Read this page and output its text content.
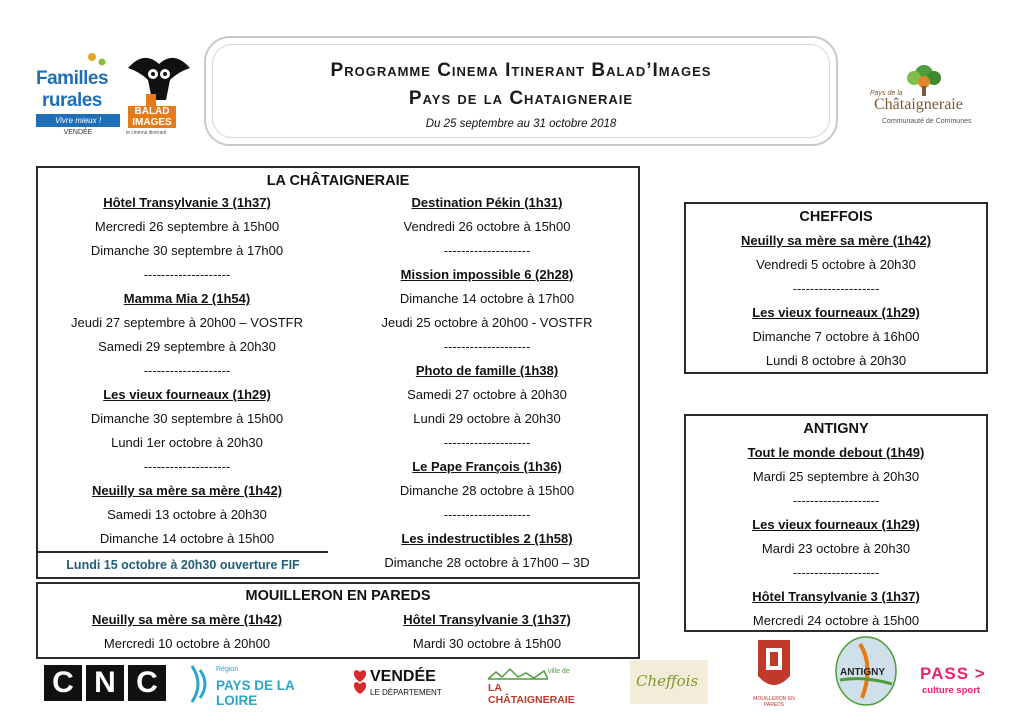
Familles
rurales
Vivre mieux !
VENDÉE
BALAD IMAGES
le cinéma itinérant
Programme Cinema Itinerant Balad’Images
Pays de la Chataigneraie
Du 25 septembre au 31 octobre 2018
Pays de la
Châtaigneraie
Communauté de Communes
LA CHÂTAIGNERAIE
Hôtel Transylvanie 3 (1h37)
Mercredi 26 septembre à 15h00
Dimanche 30 septembre à 17h00
--------------------
Mamma Mia 2 (1h54)
Jeudi 27 septembre à 20h00 – VOSTFR
Samedi 29 septembre à 20h30
--------------------
Les vieux fourneaux (1h29)
Dimanche 30 septembre à 15h00
Lundi 1er octobre à 20h30
--------------------
Neuilly sa mère sa mère (1h42)
Samedi 13 octobre à 20h30
Dimanche 14 octobre à 15h00
Destination Pékin (1h31)
Vendredi 26 octobre à 15h00
--------------------
Mission impossible 6 (2h28)
Dimanche 14 octobre à 17h00
Jeudi 25 octobre à 20h00 - VOSTFR
--------------------
Photo de famille (1h38)
Samedi 27 octobre à 20h30
Lundi 29 octobre à 20h30
--------------------
Le Pape François (1h36)
Dimanche 28 octobre à 15h00
--------------------
Les indestructibles 2 (1h58)
Dimanche 28 octobre à 17h00 – 3D
Lundi 15 octobre à 20h30 ouverture FIF
MOUILLERON EN PAREDS
Neuilly sa mère sa mère (1h42)
Mercredi 10 octobre à 20h00
Hôtel Transylvanie 3 (1h37)
Mardi 30 octobre à 15h00
CHEFFOIS
Neuilly sa mère sa mère (1h42)
Vendredi 5 octobre à 20h30
--------------------
Les vieux fourneaux (1h29)
Dimanche 7 octobre à 16h00
Lundi 8 octobre à 20h30
ANTIGNY
Tout le monde debout (1h49)
Mardi 25 septembre à 20h30
--------------------
Les vieux fourneaux (1h29)
Mardi 23 octobre à 20h30
--------------------
Hôtel Transylvanie 3 (1h37)
Mercredi 24 octobre à 15h00
C N C	Région
PAYS DE LA LOIRE
VENDÉE
LE DÉPARTEMENT
ville de
LA CHÂTAIGNERAIE
Cheffois
MOUILLERON EN PAREDS
ANTIGNY PASS >
culture sport
